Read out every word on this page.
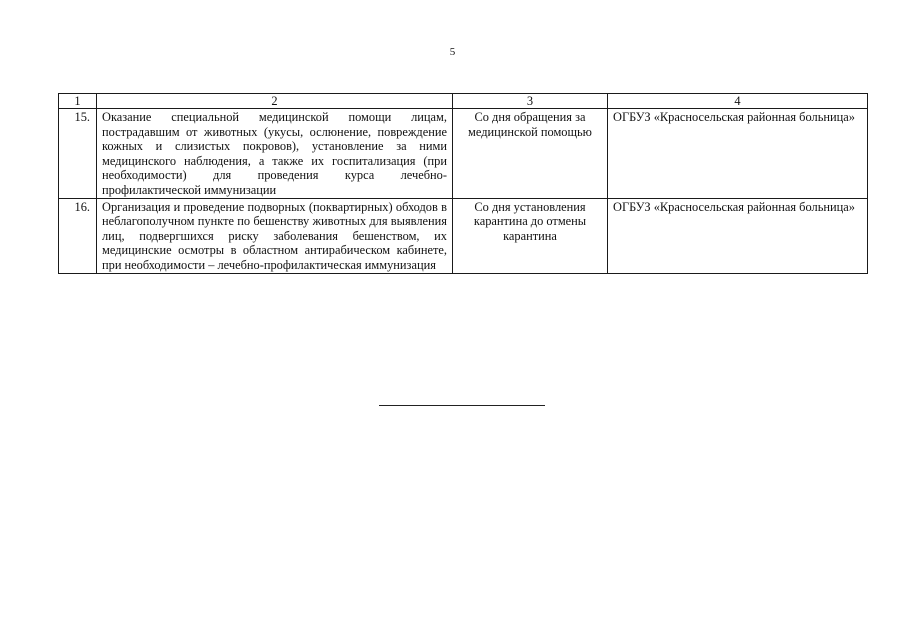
5
1	2	3	4
15.	Оказание специальной медицинской помощи лицам, пострадавшим от животных (укусы, ослюнение, повреждение кожных и слизистых покровов), установление за ними медицинского наблюдения, а также их госпитализация (при необходимости) для проведения курса лечебно-профилактической иммунизации	Со дня обращения за медицинской помощью	ОГБУЗ «Красносельская районная больница»
16.	Организация и проведение подворных (поквартирных) обходов в неблагополучном пункте по бешенству животных для выявления лиц, подвергшихся риску заболевания бешенством, их медицинские осмотры в областном антирабическом кабинете, при необходимости – лечебно-профилактическая иммунизация	Со дня установления карантина до отмены карантина	ОГБУЗ «Красносельская районная больница»
